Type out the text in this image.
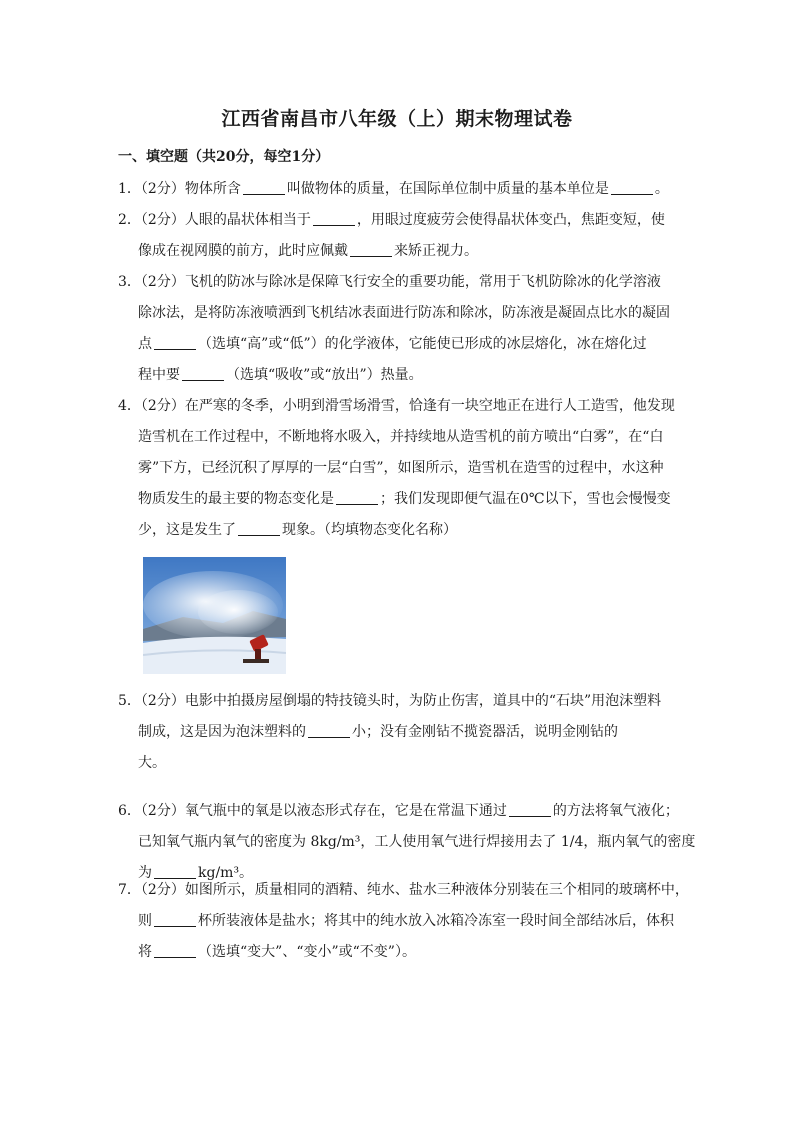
江西省南昌市八年级（上）期末物理试卷
一、填空题（共20分，每空1分）
1．（2分）物体所含	叫做物体的质量，在国际单位制中质量的基本单位是	。
2．（2分）人眼的晶状体相当于	，用眼过度疲劳会使得晶状体变凸，焦距变短，使
像成在视网膜的前方，此时应佩戴	来矫正视力。
3．（2分）飞机的防冰与除冰是保障飞行安全的重要功能，常用于飞机防除冰的化学溶液
除冰法，是将防冻液喷洒到飞机结冰表面进行防冻和除冰，防冻液是凝固点比水的凝固
点	（选填“高”或“低”）的化学液体，它能使已形成的冰层熔化，冰在熔化过
程中要	（选填“吸收”或“放出”）热量。
4．（2分）在严寒的冬季，小明到滑雪场滑雪，恰逢有一块空地正在进行人工造雪，他发现
造雪机在工作过程中，不断地将水吸入，并持续地从造雪机的前方喷出“白雾”，在“白
雾”下方，已经沉积了厚厚的一层“白雪”，如图所示，造雪机在造雪的过程中，水这种
物质发生的最主要的物态变化是	；我们发现即便气温在0℃以下，雪也会慢慢变
少，这是发生了	现象。（均填物态变化名称）
5．（2分）电影中拍摄房屋倒塌的特技镜头时，为防止伤害，道具中的“石块”用泡沫塑料
制成，这是因为泡沫塑料的	小；没有金刚钻不揽瓷器活，说明金刚钻的
大。
6．（2分）氧气瓶中的氧是以液态形式存在，它是在常温下通过	的方法将氧气液化；
已知氧气瓶内氧气的密度为 8kg/m³，工人使用氧气进行焊接用去了 1/4，瓶内氧气的密度
为	kg/m³。
7．（2分）如图所示，质量相同的酒精、纯水、盐水三种液体分别装在三个相同的玻璃杯中，
则	杯所装液体是盐水；将其中的纯水放入冰箱冷冻室一段时间全部结冰后，体积
将	（选填“变大”、“变小”或“不变”）。
